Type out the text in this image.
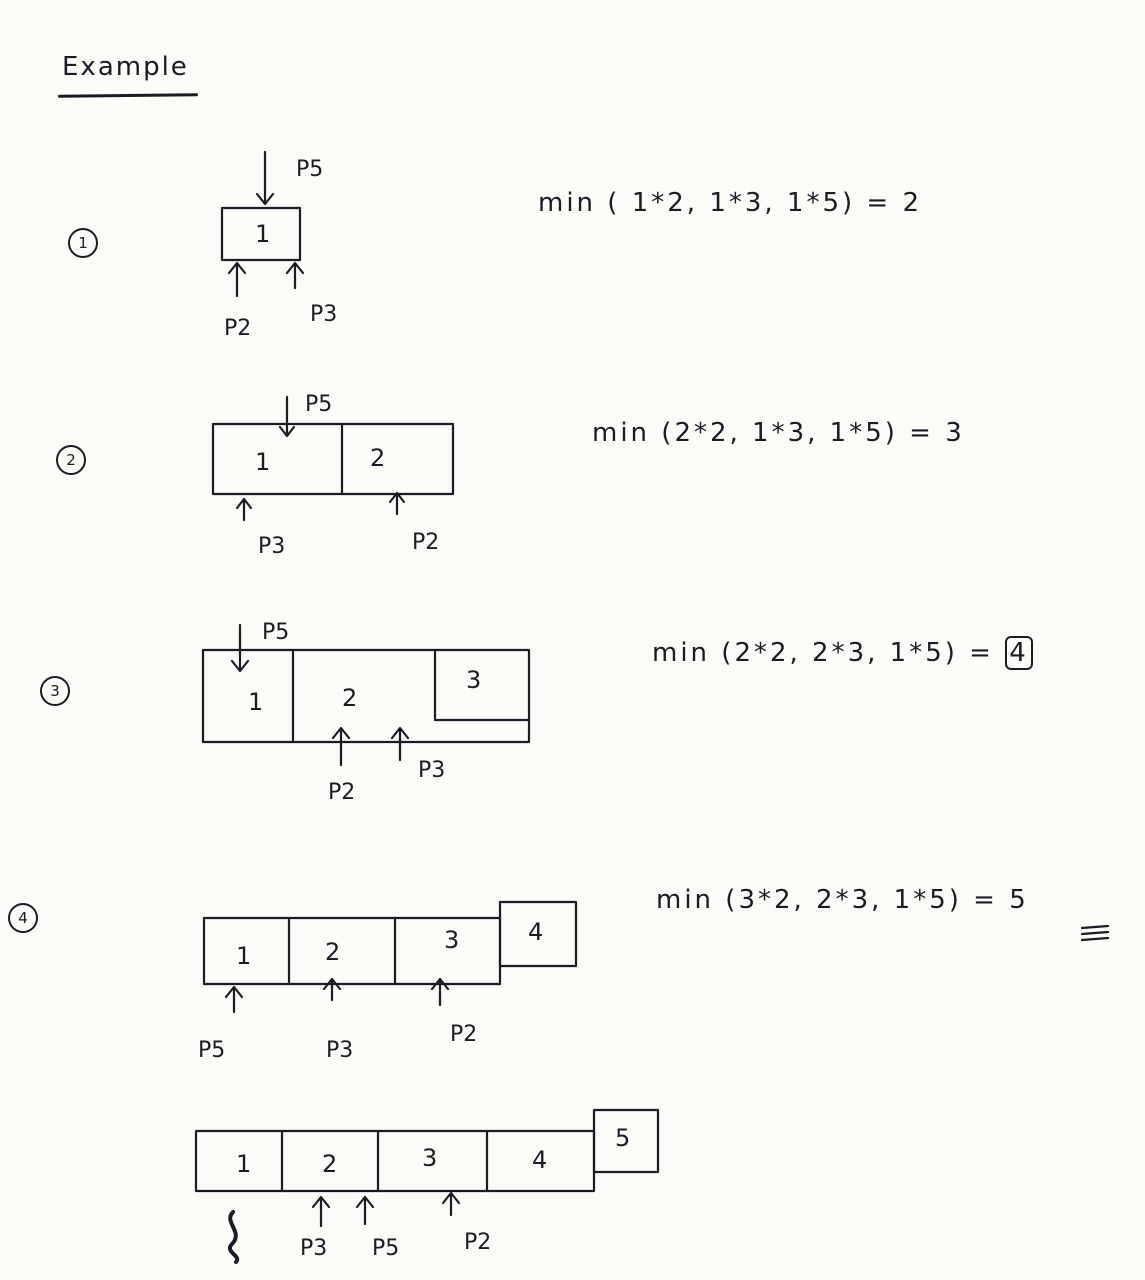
Example
1
P5
1
P2
P3
min ( 1*2, 1*3, 1*5) = 2
2
P5
1	2
P3	P2
min (2*2, 1*3, 1*5) = 3
3
P5
1	2
3
P2
P3
min (2*2, 2*3, 1*5) = 4
4
1	2	3	4
P5	P3
P2
min (3*2, 2*3, 1*5) = 5
1	2	3	4
5
P3 P5	P2
